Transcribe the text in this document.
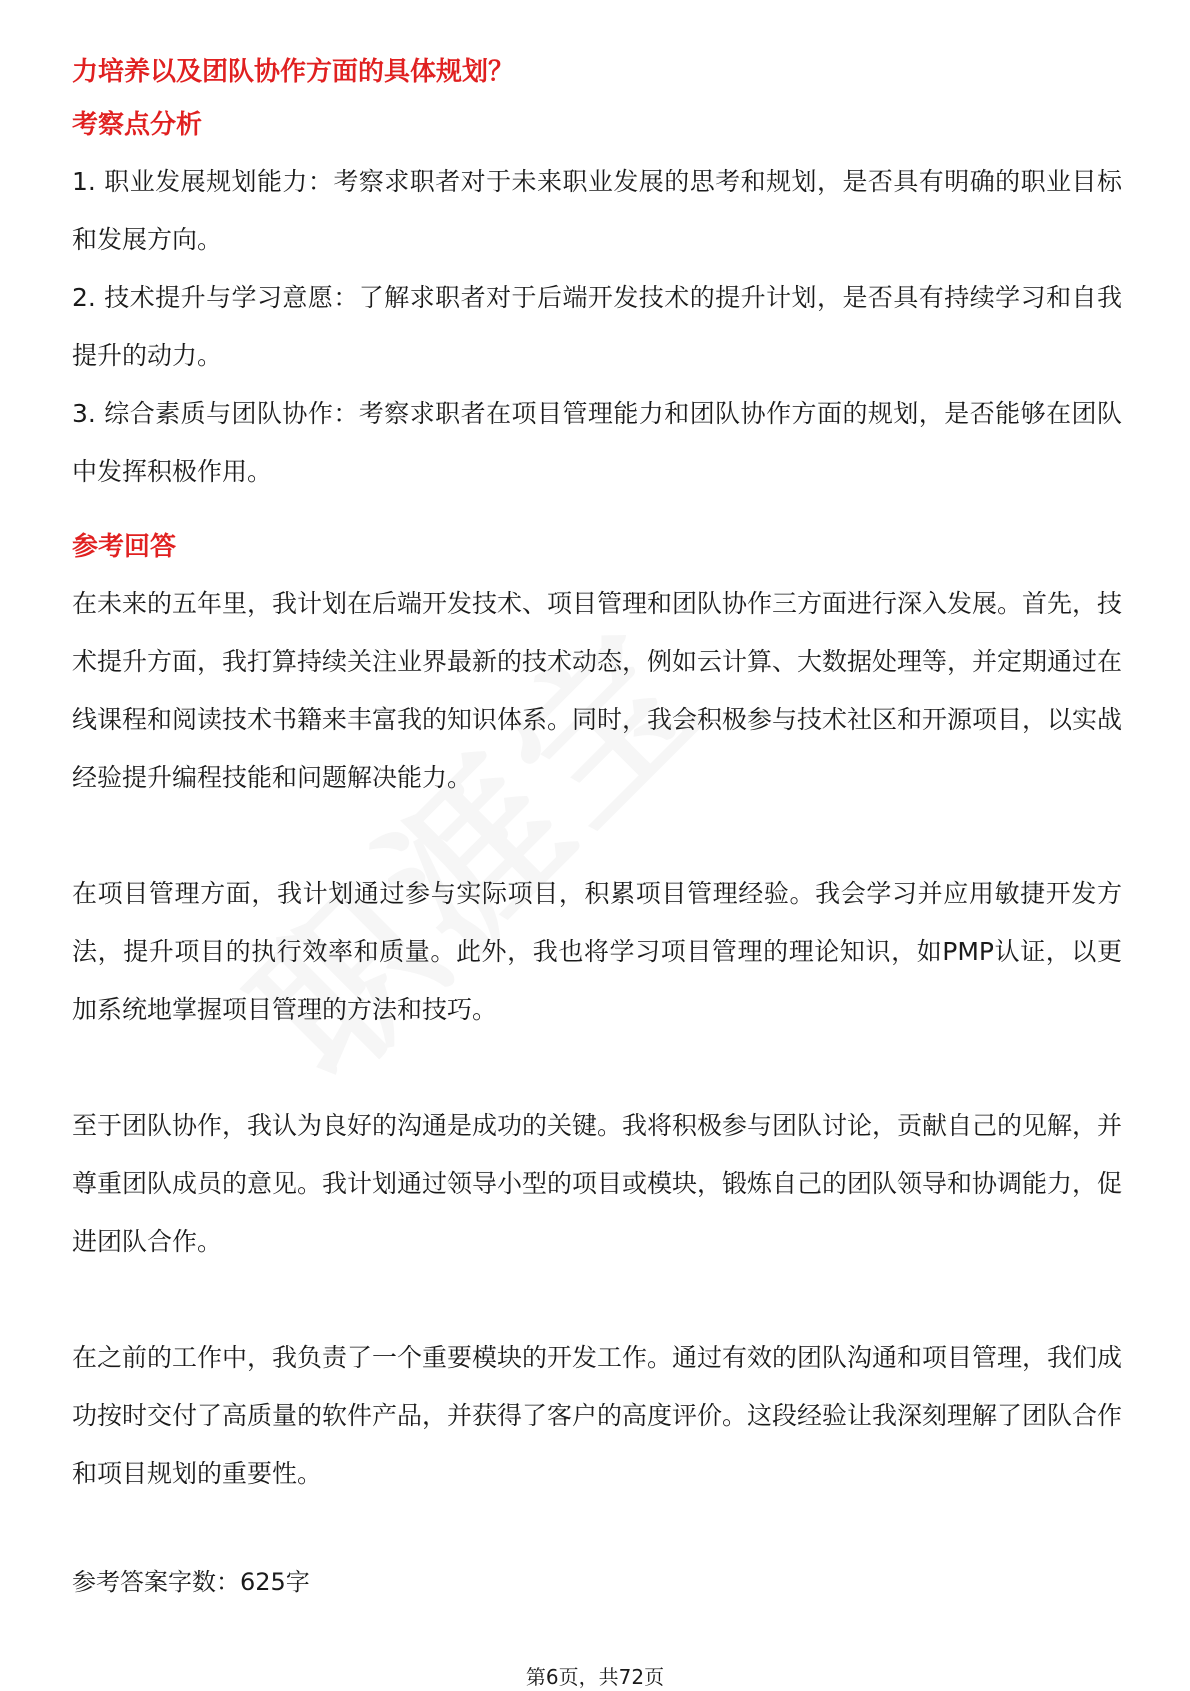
力培养以及团队协作方面的具体规划？

考察点分析

1. 职业发展规划能力：考察求职者对于未来职业发展的思考和规划，是否具有明确的职业目标和发展方向。

2. 技术提升与学习意愿：了解求职者对于后端开发技术的提升计划，是否具有持续学习和自我提升的动力。

3. 综合素质与团队协作：考察求职者在项目管理能力和团队协作方面的规划，是否能够在团队中发挥积极作用。

参考回答

在未来的五年里，我计划在后端开发技术、项目管理和团队协作三方面进行深入发展。首先，技术提升方面，我打算持续关注业界最新的技术动态，例如云计算、大数据处理等，并定期通过在线课程和阅读技术书籍来丰富我的知识体系。同时，我会积极参与技术社区和开源项目，以实战经验提升编程技能和问题解决能力。

在项目管理方面，我计划通过参与实际项目，积累项目管理经验。我会学习并应用敏捷开发方法，提升项目的执行效率和质量。此外，我也将学习项目管理的理论知识，如PMP认证，以更加系统地掌握项目管理的方法和技巧。

至于团队协作，我认为良好的沟通是成功的关键。我将积极参与团队讨论，贡献自己的见解，并尊重团队成员的意见。我计划通过领导小型的项目或模块，锻炼自己的团队领导和协调能力，促进团队合作。

在之前的工作中，我负责了一个重要模块的开发工作。通过有效的团队沟通和项目管理，我们成功按时交付了高质量的软件产品，并获得了客户的高度评价。这段经验让我深刻理解了团队合作和项目规划的重要性。

参考答案字数：625字

第6页，共72页
